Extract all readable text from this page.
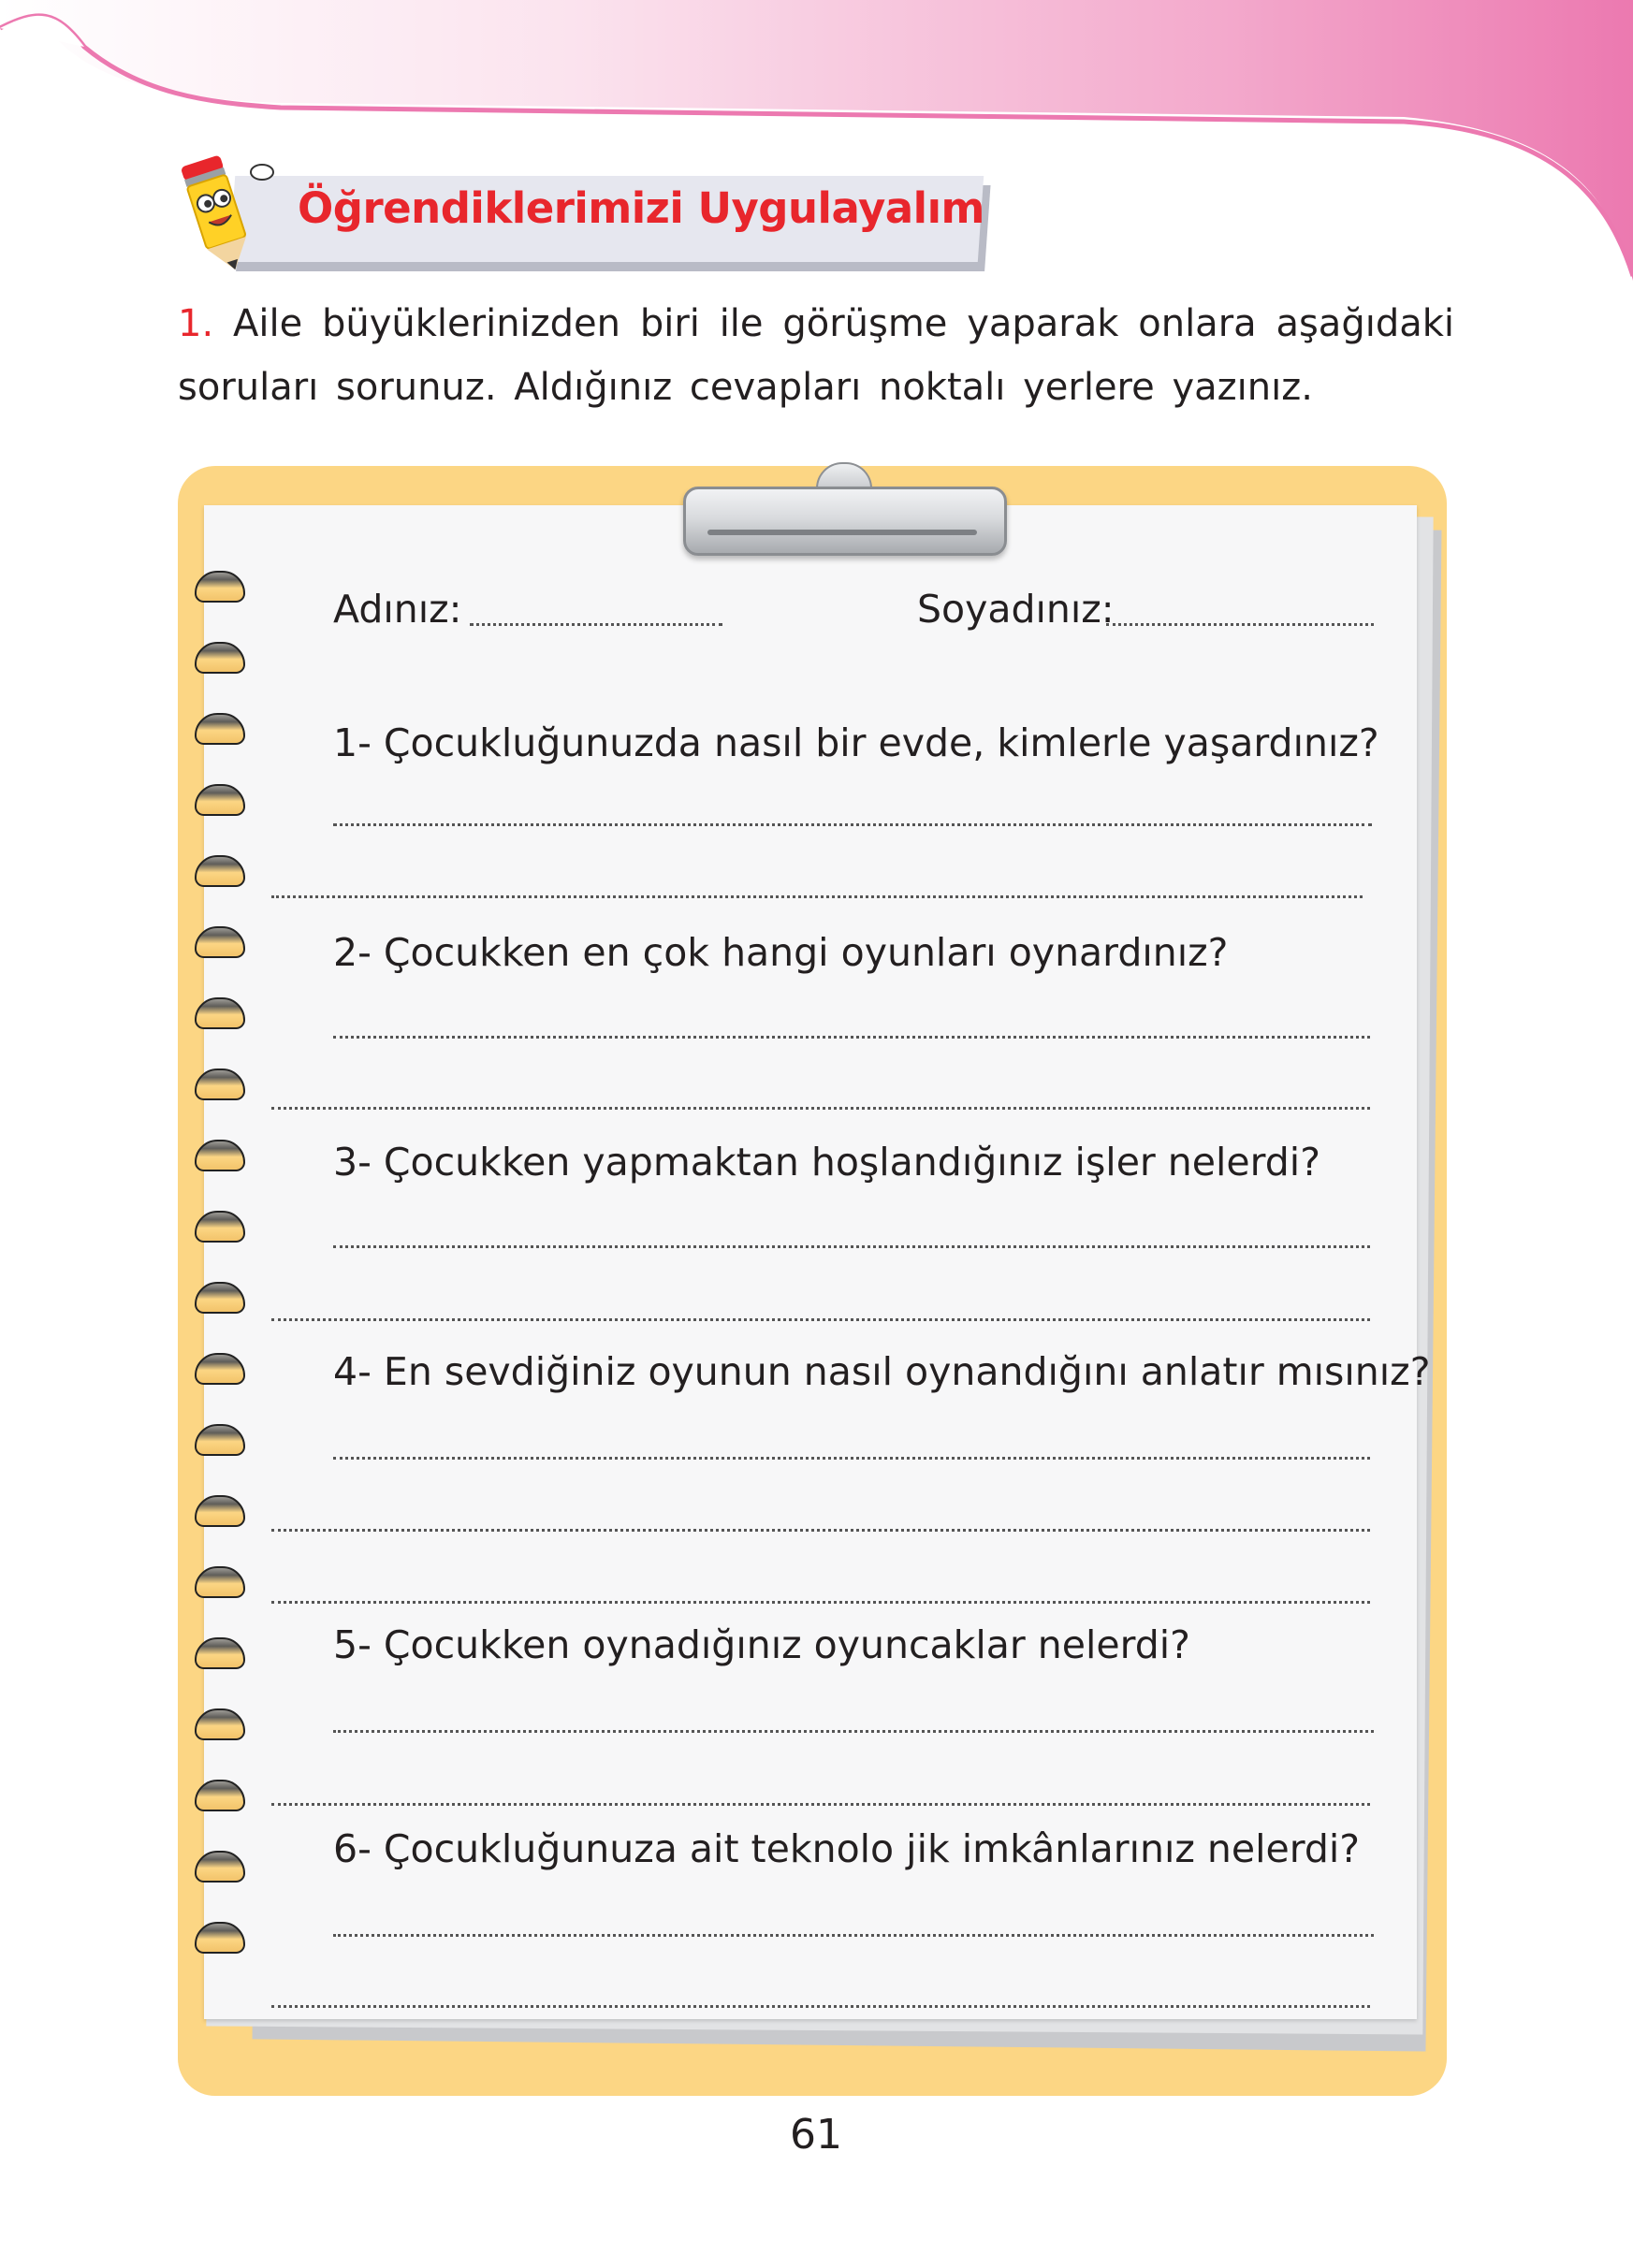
Öğrendiklerimizi Uygulayalım
1. Aile büyüklerinizden biri ile görüşme yaparak onlara aşağıdaki soruları sorunuz. Aldığınız cevapları noktalı yerlere yazınız.
Adınız:	Soyadınız:
1- Çocukluğunuzda nasıl bir evde, kimlerle yaşardınız?
2- Çocukken en çok hangi oyunları oynardınız?
3- Çocukken yapmaktan hoşlandığınız işler nelerdi?
4- En sevdiğiniz oyunun nasıl oynandığını anlatır mısınız?
5- Çocukken oynadığınız oyuncaklar nelerdi?
6- Çocukluğunuza ait teknolo jik imkânlarınız nelerdi?
61
